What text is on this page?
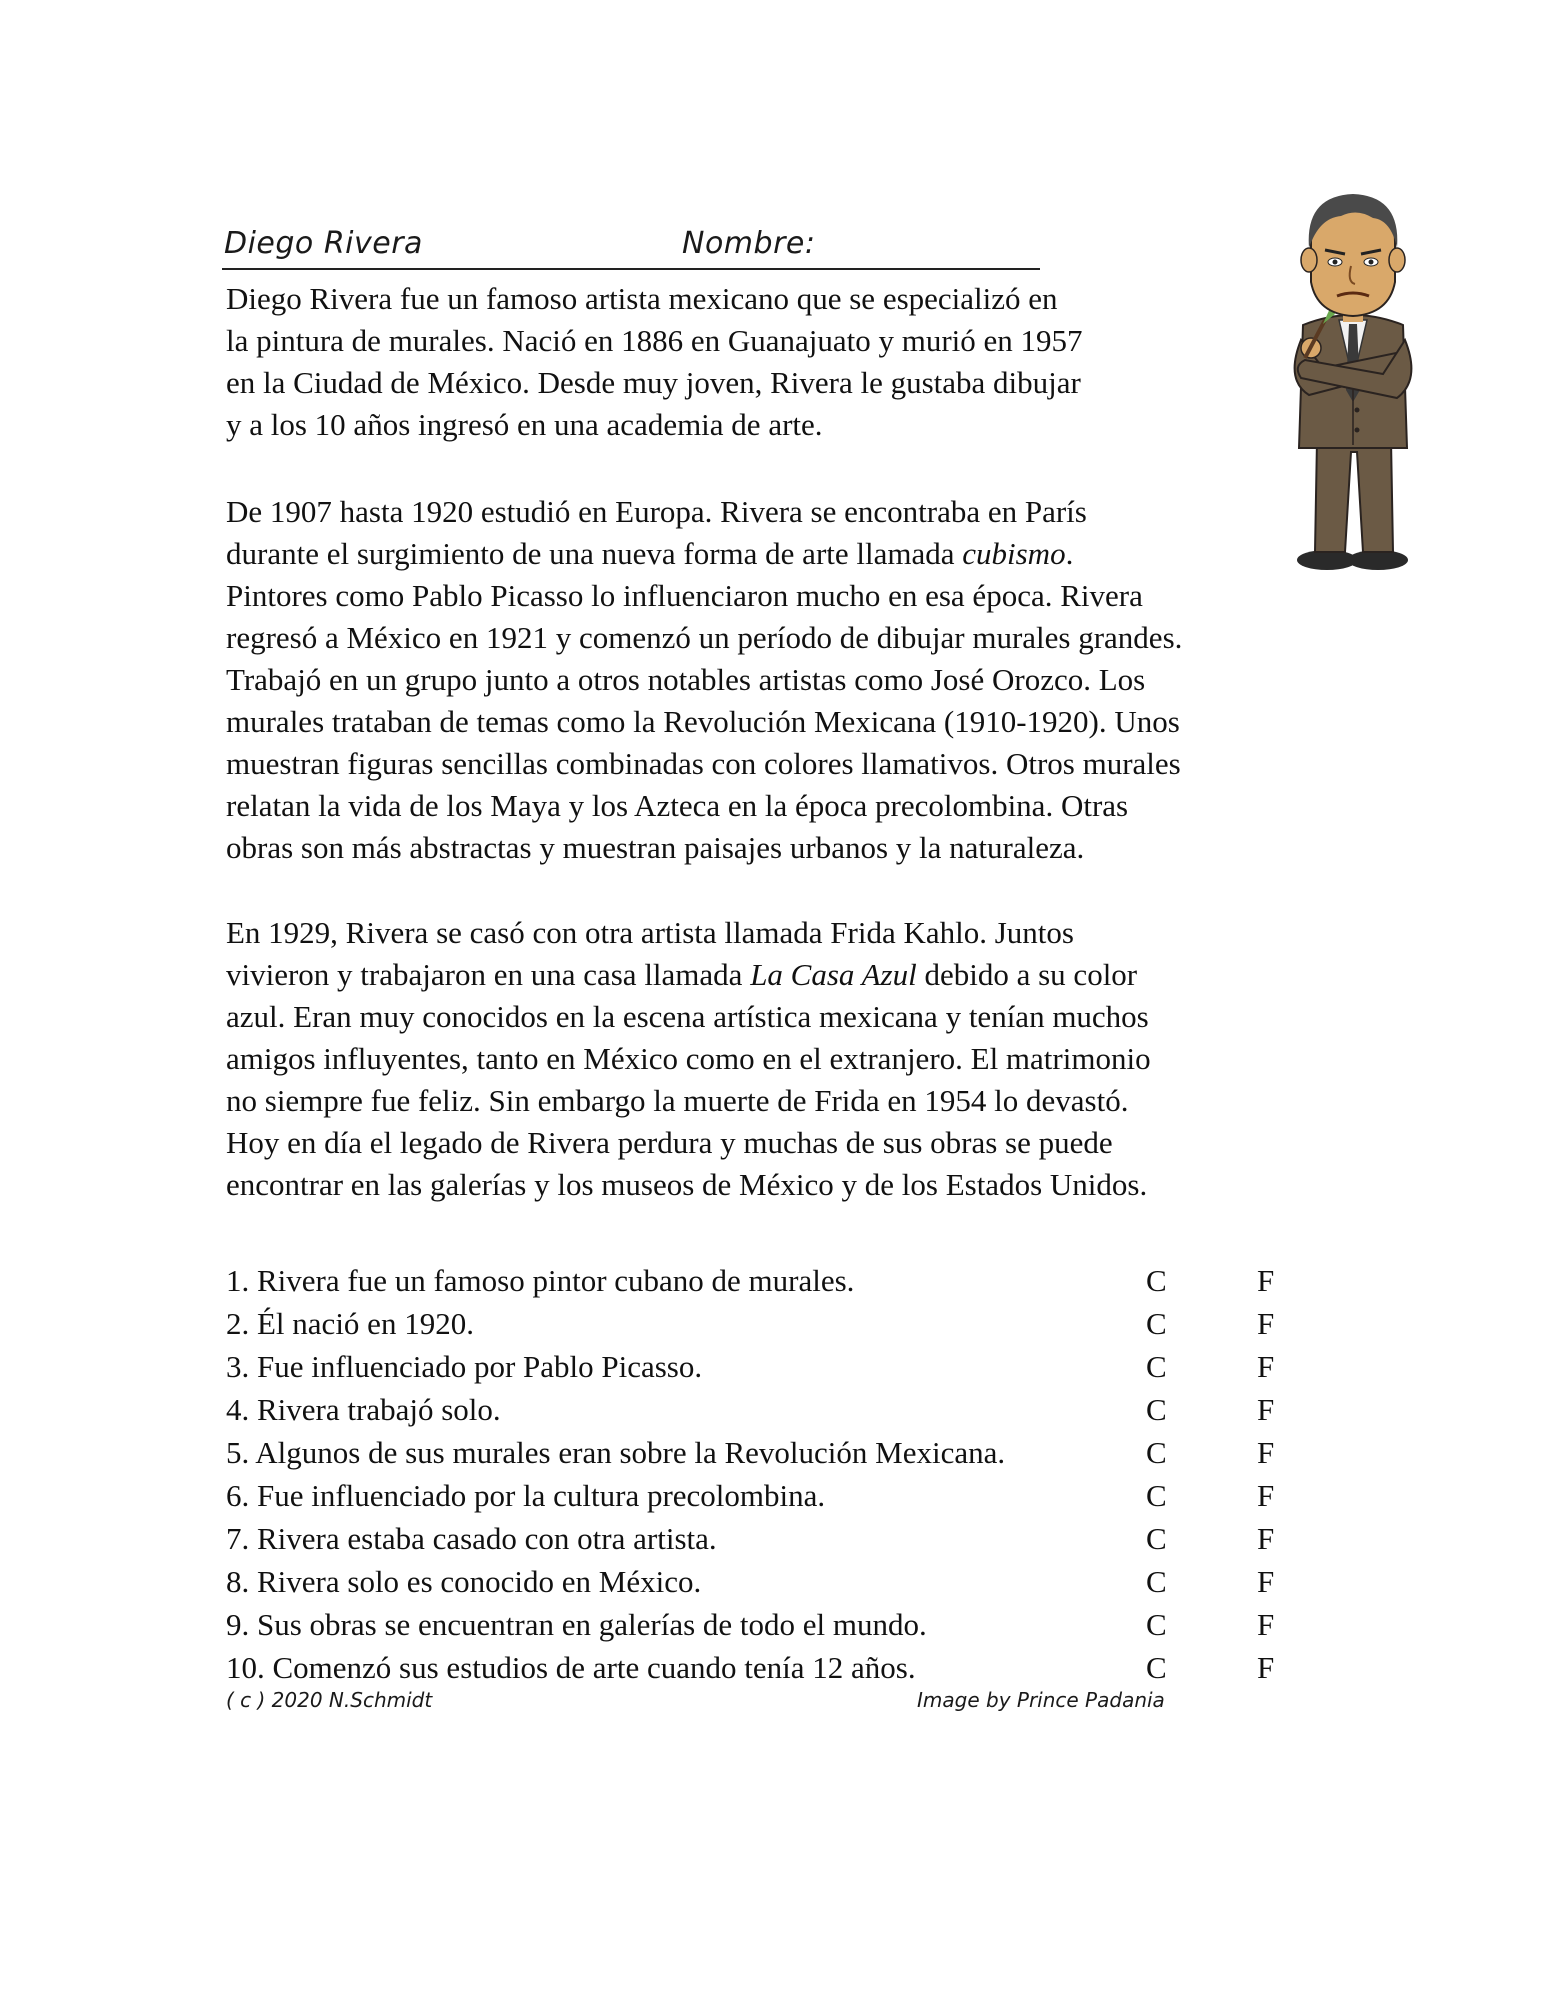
Diego Rivera	Nombre:

Diego Rivera fue un famoso artista mexicano que se especializó en
la pintura de murales. Nació en 1886 en Guanajuato y murió en 1957
en la Ciudad de México. Desde muy joven, Rivera le gustaba dibujar
y a los 10 años ingresó en una academia de arte.

De 1907 hasta 1920 estudió en Europa. Rivera se encontraba en París
durante el surgimiento de una nueva forma de arte llamada cubismo.
Pintores como Pablo Picasso lo influenciaron mucho en esa época. Rivera
regresó a México en 1921 y comenzó un período de dibujar murales grandes.
Trabajó en un grupo junto a otros notables artistas como José Orozco. Los
murales trataban de temas como la Revolución Mexicana (1910-1920). Unos
muestran figuras sencillas combinadas con colores llamativos. Otros murales
relatan la vida de los Maya y los Azteca en la época precolombina. Otras
obras son más abstractas y muestran paisajes urbanos y la naturaleza.

En 1929, Rivera se casó con otra artista llamada Frida Kahlo. Juntos
vivieron y trabajaron en una casa llamada La Casa Azul debido a su color
azul. Eran muy conocidos en la escena artística mexicana y tenían muchos
amigos influyentes, tanto en México como en el extranjero. El matrimonio
no siempre fue feliz. Sin embargo la muerte de Frida en 1954 lo devastó.
Hoy en día el legado de Rivera perdura y muchas de sus obras se puede
encontrar en las galerías y los museos de México y de los Estados Unidos.

1. Rivera fue un famoso pintor cubano de murales.	C	F
2. Él nació en 1920.	C	F
3. Fue influenciado por Pablo Picasso.	C	F
4. Rivera trabajó solo.	C	F
5. Algunos de sus murales eran sobre la Revolución Mexicana.	C	F
6. Fue influenciado por la cultura precolombina.	C	F
7. Rivera estaba casado con otra artista.	C	F
8. Rivera solo es conocido en México.	C	F
9. Sus obras se encuentran en galerías de todo el mundo.	C	F
10. Comenzó sus estudios de arte cuando tenía 12 años.	C	F
( c ) 2020 N.Schmidt	Image by Prince Padania
